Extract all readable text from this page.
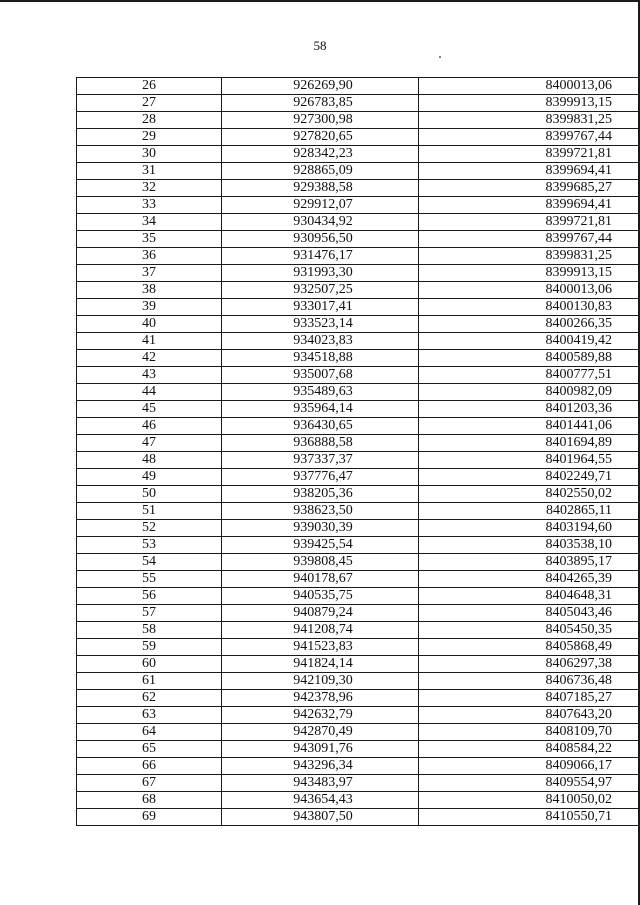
58
26	926269,90	8400013,06
27	926783,85	8399913,15
28	927300,98	8399831,25
29	927820,65	8399767,44
30	928342,23	8399721,81
31	928865,09	8399694,41
32	929388,58	8399685,27
33	929912,07	8399694,41
34	930434,92	8399721,81
35	930956,50	8399767,44
36	931476,17	8399831,25
37	931993,30	8399913,15
38	932507,25	8400013,06
39	933017,41	8400130,83
40	933523,14	8400266,35
41	934023,83	8400419,42
42	934518,88	8400589,88
43	935007,68	8400777,51
44	935489,63	8400982,09
45	935964,14	8401203,36
46	936430,65	8401441,06
47	936888,58	8401694,89
48	937337,37	8401964,55
49	937776,47	8402249,71
50	938205,36	8402550,02
51	938623,50	8402865,11
52	939030,39	8403194,60
53	939425,54	8403538,10
54	939808,45	8403895,17
55	940178,67	8404265,39
56	940535,75	8404648,31
57	940879,24	8405043,46
58	941208,74	8405450,35
59	941523,83	8405868,49
60	941824,14	8406297,38
61	942109,30	8406736,48
62	942378,96	8407185,27
63	942632,79	8407643,20
64	942870,49	8408109,70
65	943091,76	8408584,22
66	943296,34	8409066,17
67	943483,97	8409554,97
68	943654,43	8410050,02
69	943807,50	8410550,71
